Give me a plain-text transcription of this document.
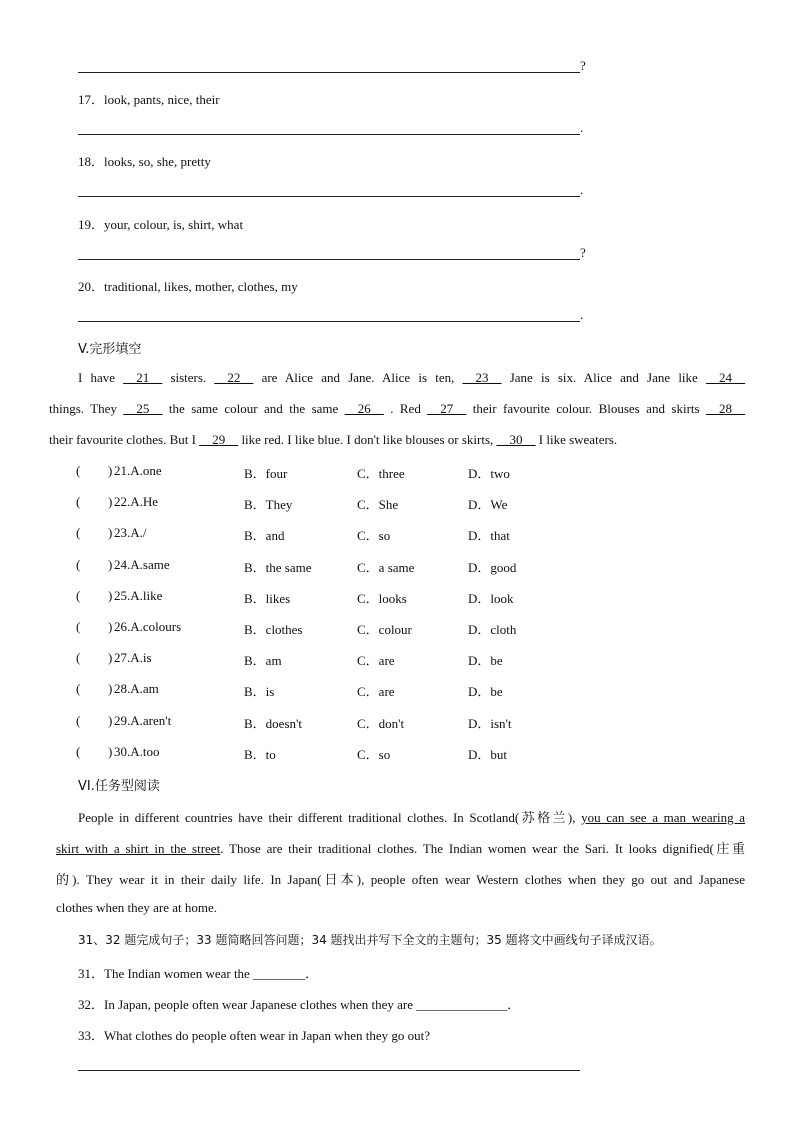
?
17．look, pants, nice, their
.
18．looks, so, she, pretty
.
19．your, colour, is, shirt, what
?
20．traditional, likes, mother, clothes, my
.
V.完形填空
I have __21__ sisters. __22__ are Alice and Jane. Alice is ten, __23__ Jane is six. Alice and Jane like __24__
things. They __25__ the same colour and the same __26__ . Red __27__ their favourite colour. Blouses and skirts __28__
their favourite clothes. But I __29__ like red. I like blue. I don't like blouses or skirts, __30__ I like sweaters.
( ) 21.A.one	B．four	C．three	D．two
( ) 22.A.He	B．They	C．She	D．We
( ) 23.A./	B．and	C．so	D．that
( ) 24.A.same	B．the same	C．a same	D．good
( ) 25.A.like	B．likes	C．looks	D．look
( ) 26.A.colours	B．clothes	C．colour	D．cloth
( ) 27.A.is	B．am	C．are	D．be
( ) 28.A.am	B．is	C．are	D．be
( ) 29.A.aren't	B．doesn't	C．don't	D．isn't
( ) 30.A.too	B．to	C．so	D．but
VI.任务型阅读
People in different countries have their different traditional clothes. In Scotland(苏格兰), you can see a man wearing a
skirt with a shirt in the street. Those are their traditional clothes. The Indian women wear the Sari. It looks dignified(庄重
的). They wear it in their daily life. In Japan(日本), people often wear Western clothes when they go out and Japanese
clothes when they are at home.
31、32 题完成句子；33 题简略回答问题；34 题找出并写下全文的主题句；35 题将文中画线句子译成汉语。
31．The Indian women wear the ________．
32．In Japan, people often wear Japanese clothes when they are ______________．
33．What clothes do people often wear in Japan when they go out?
